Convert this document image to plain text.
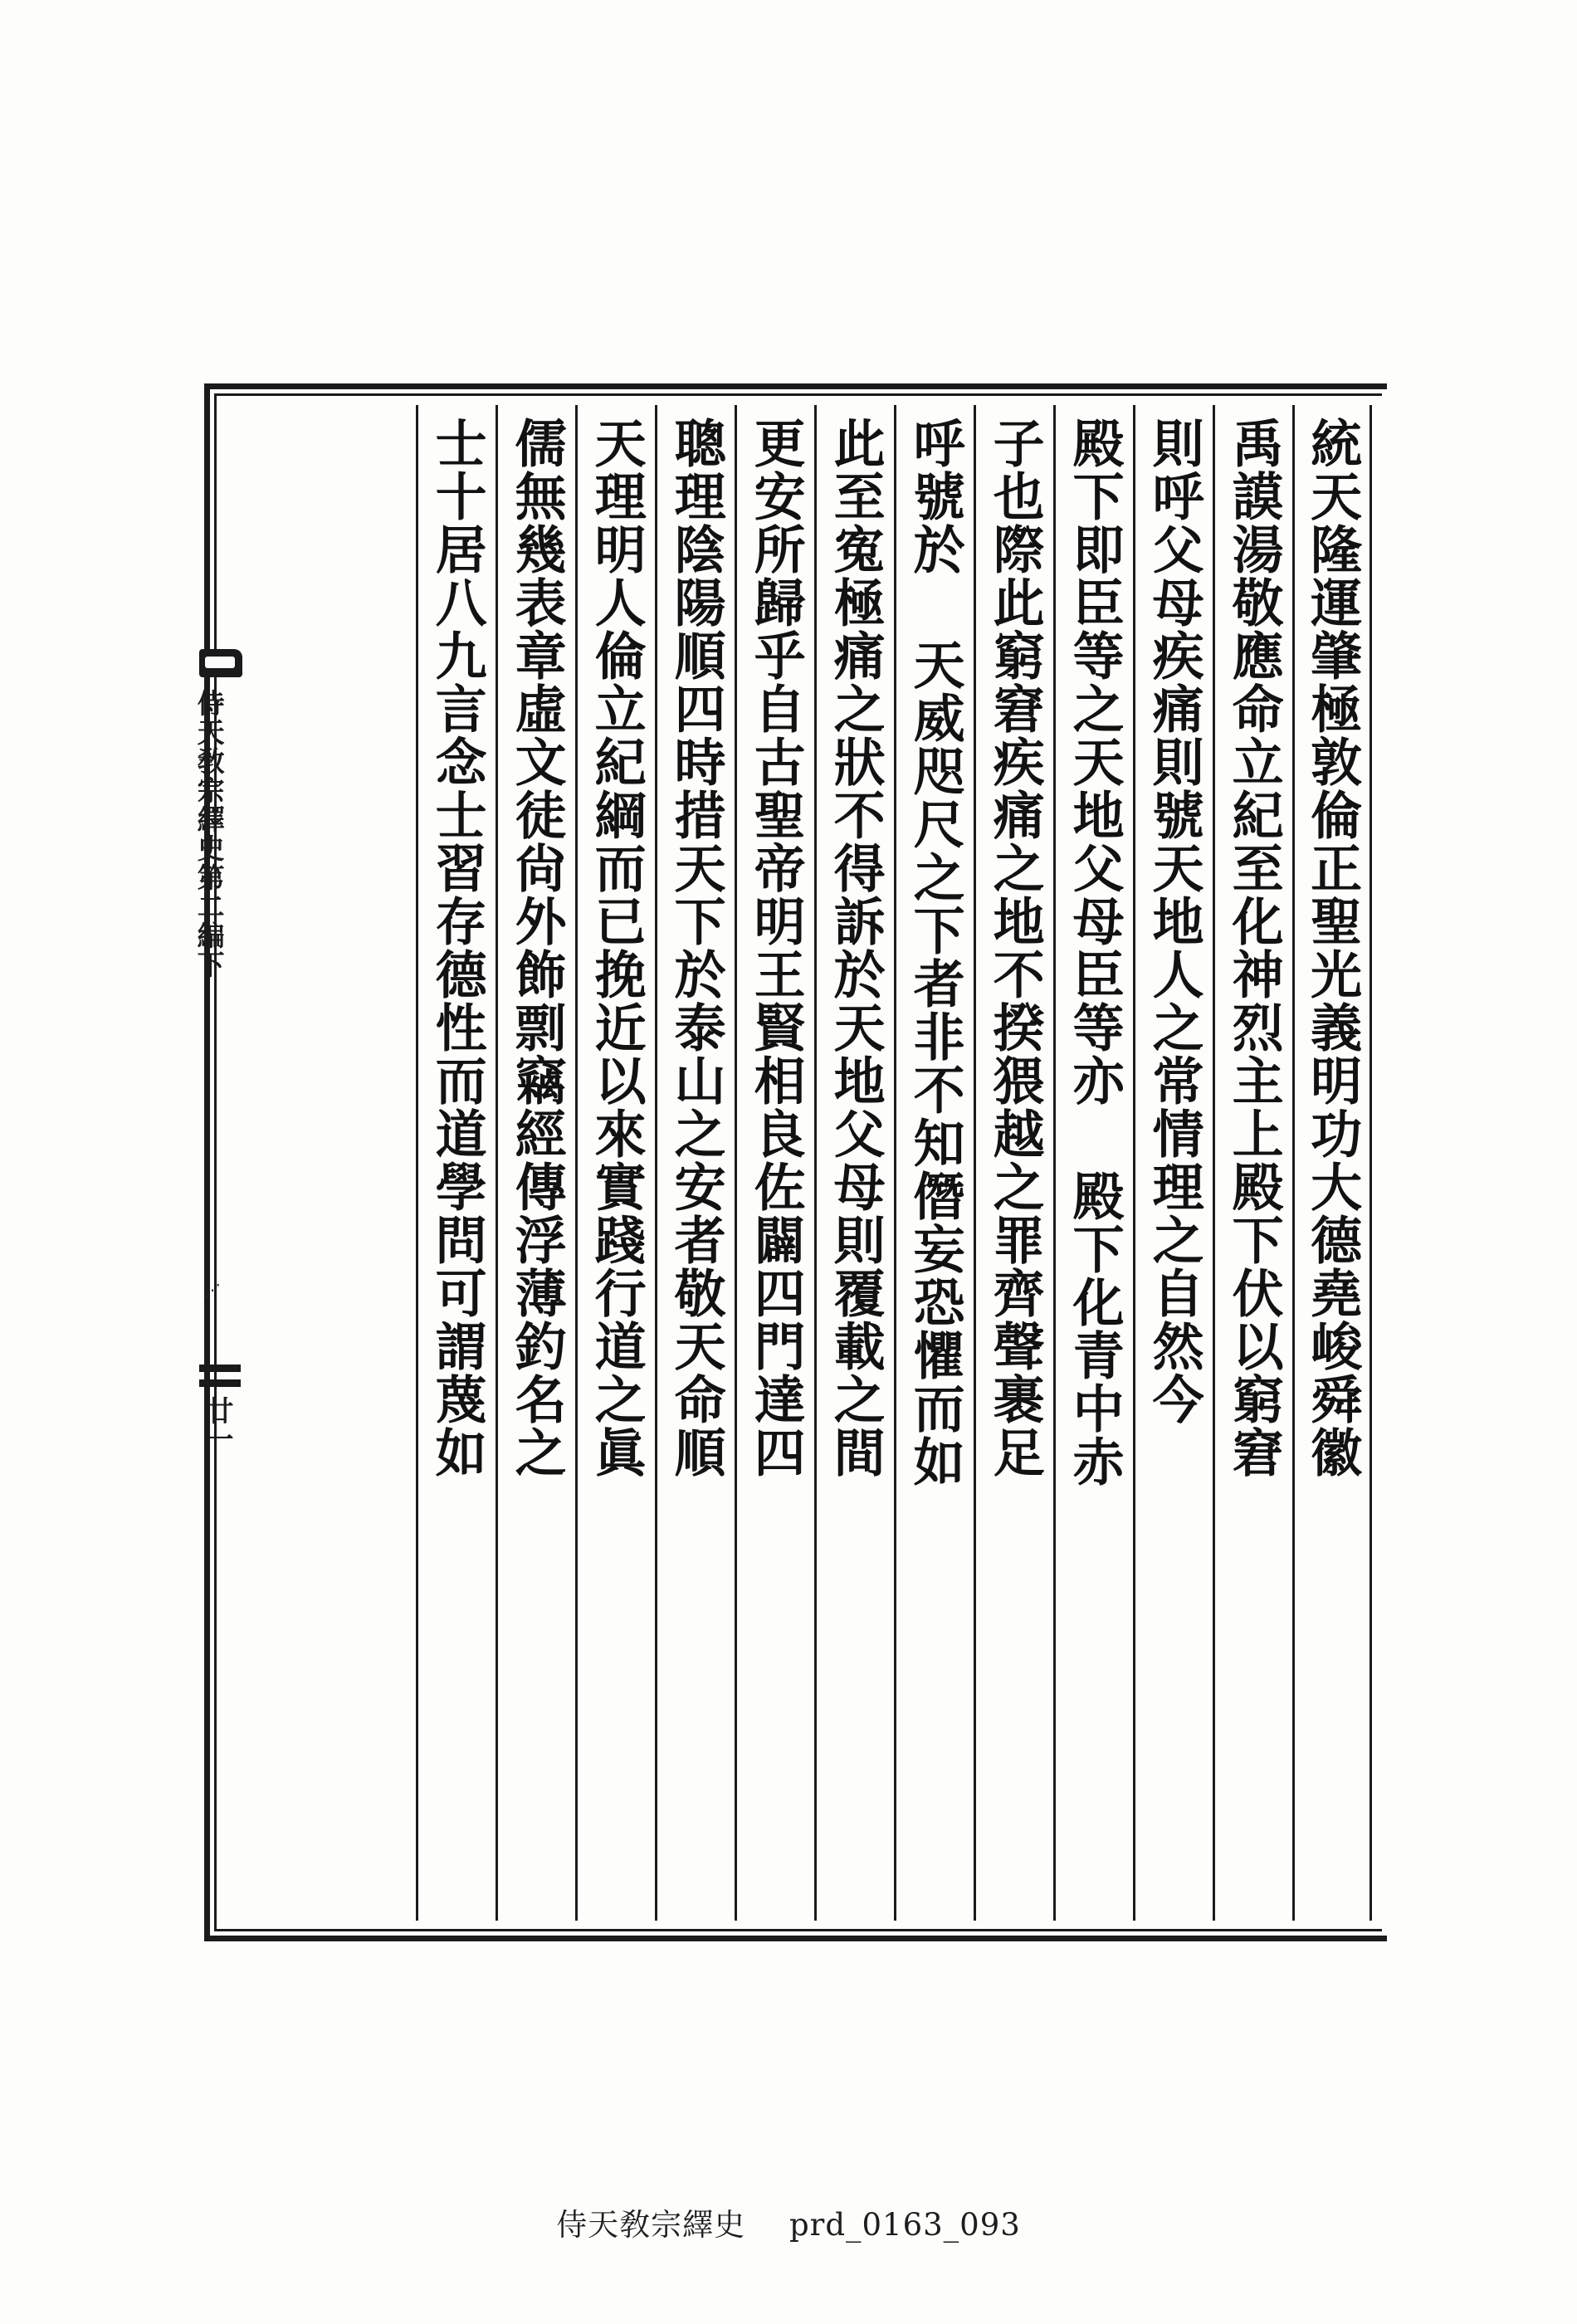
統天隆運肇極敦倫正聖光義明功大德堯峻舜徽
禹謨湯敬應命立紀至化神烈主上殿下伏以窮窘
則呼父母疾痛則號天地人之常情理之自然今
殿下即臣等之天地父母臣等亦 殿下化青中赤
子也際此窮窘疾痛之地不揆猥越之罪齊聲裹足
呼號於 天威咫尺之下者非不知僭妄恐懼而如
此至寃極痛之狀不得訴於天地父母則覆載之間
更安所歸乎自古聖帝明王賢相良佐闢四門達四
聰理陰陽順四時措天下於泰山之安者敬天命順
天理明人倫立紀綱而已挽近以來實踐行道之眞
儒無幾表章虛文徒尙外飾剽竊經傳浮薄釣名之
士十居八九言念士習存德性而道學問可謂蔑如
侍天敎宗繹史第二編下
⋰
廿一
侍天敎宗繹史 prd_0163_093
